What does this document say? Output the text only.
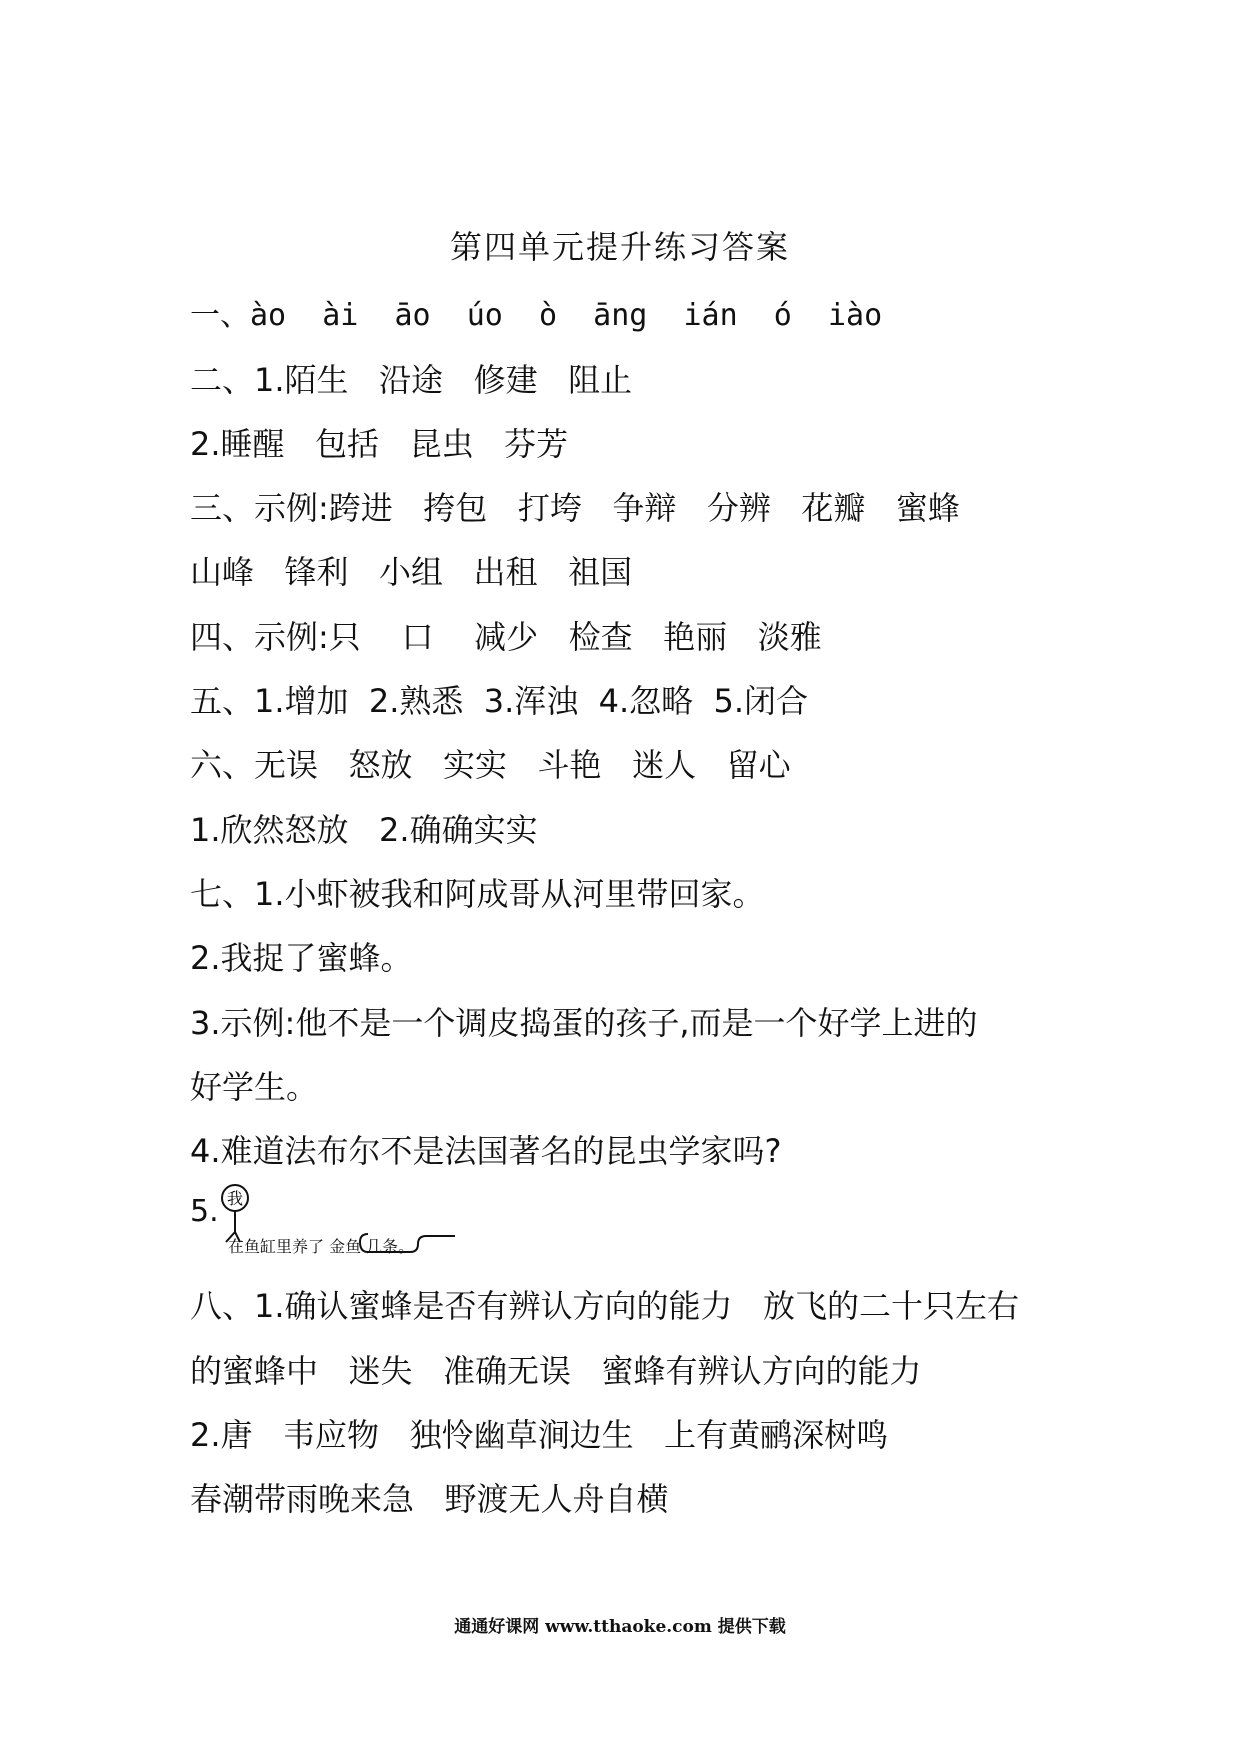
第四单元提升练习答案
一、ào  ài  āo  úo  ò  āng  ián  ó  iào
二、1.陌生   沿途   修建   阻止
2.睡醒   包括   昆虫   芬芳
三、示例:跨进   挎包   打垮   争辩   分辨   花瓣   蜜蜂
山峰   锋利   小组   出租   祖国
四、示例:只    口    减少   检查   艳丽   淡雅
五、1.增加  2.熟悉  3.浑浊  4.忽略  5.闭合
六、无误   怒放   实实   斗艳   迷人   留心
1.欣然怒放   2.确确实实
七、1.小虾被我和阿成哥从河里带回家。
2.我捉了蜜蜂。
3.示例:他不是一个调皮捣蛋的孩子,而是一个好学上进的
好学生。
4.难道法布尔不是法国著名的昆虫学家吗?
5. 我
在鱼缸里养了 金鱼 几条。
八、1.确认蜜蜂是否有辨认方向的能力   放飞的二十只左右
的蜜蜂中   迷失   准确无误   蜜蜂有辨认方向的能力
2.唐   韦应物   独怜幽草涧边生   上有黄鹂深树鸣
春潮带雨晚来急   野渡无人舟自横
通通好课网 www.tthaoke.com 提供下载
